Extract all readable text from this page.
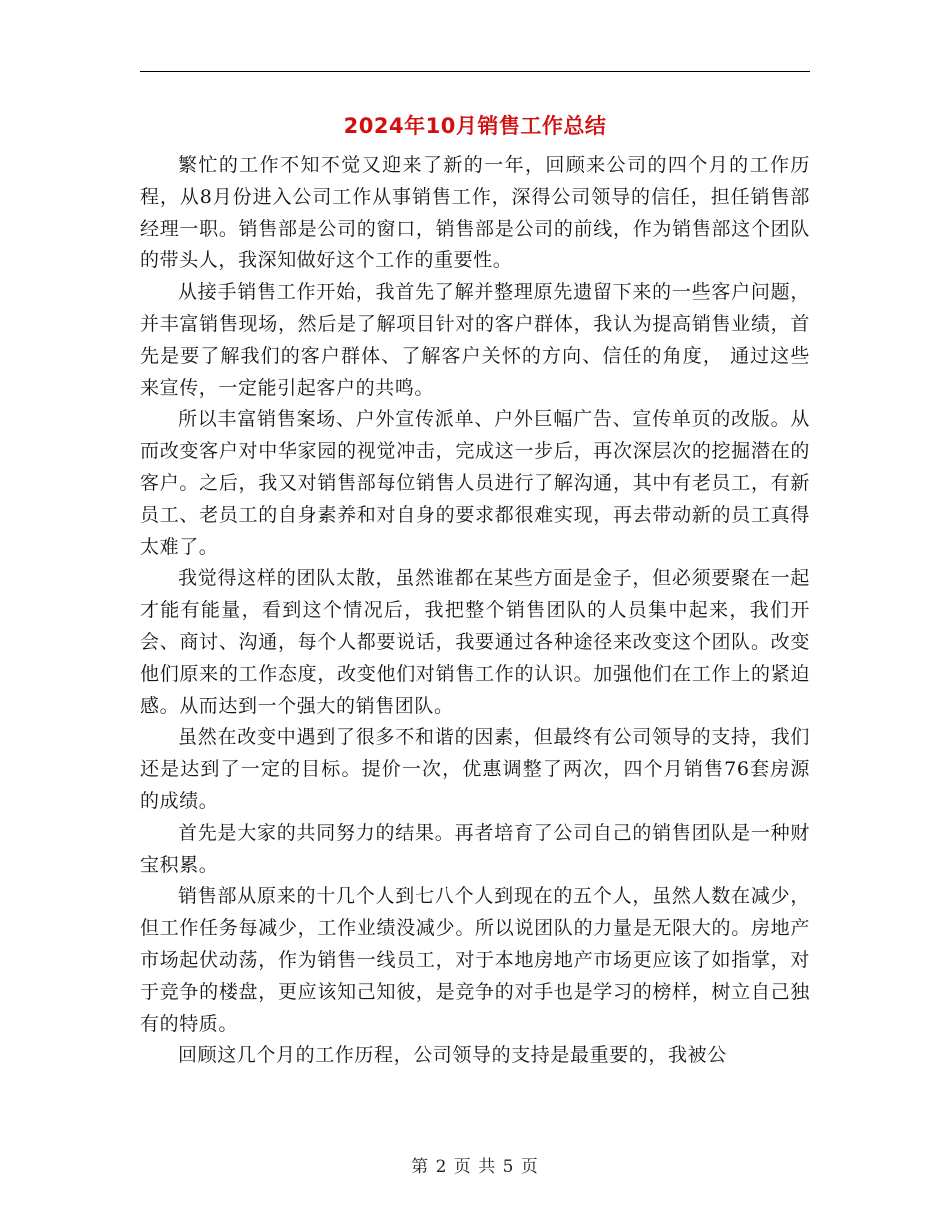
2024年10月销售工作总结

繁忙的工作不知不觉又迎来了新的一年，回顾来公司的四个月的工作历程，从8月份进入公司工作从事销售工作，深得公司领导的信任，担任销售部经理一职。销售部是公司的窗口，销售部是公司的前线，作为销售部这个团队的带头人，我深知做好这个工作的重要性。

从接手销售工作开始，我首先了解并整理原先遗留下来的一些客户问题，并丰富销售现场，然后是了解项目针对的客户群体，我认为提高销售业绩，首先是要了解我们的客户群体、了解客户关怀的方向、信任的角度， 通过这些来宣传，一定能引起客户的共鸣。

所以丰富销售案场、户外宣传派单、户外巨幅广告、宣传单页的改版。从而改变客户对中华家园的视觉冲击，完成这一步后，再次深层次的挖掘潜在的客户。之后，我又对销售部每位销售人员进行了解沟通，其中有老员工，有新员工、老员工的自身素养和对自身的要求都很难实现，再去带动新的员工真得太难了。

我觉得这样的团队太散，虽然谁都在某些方面是金子，但必须要聚在一起才能有能量，看到这个情况后，我把整个销售团队的人员集中起来，我们开会、商讨、沟通，每个人都要说话，我要通过各种途径来改变这个团队。改变他们原来的工作态度，改变他们对销售工作的认识。加强他们在工作上的紧迫感。从而达到一个强大的销售团队。

虽然在改变中遇到了很多不和谐的因素，但最终有公司领导的支持，我们还是达到了一定的目标。提价一次，优惠调整了两次，四个月销售76套房源的成绩。

首先是大家的共同努力的结果。再者培育了公司自己的销售团队是一种财宝积累。

销售部从原来的十几个人到七八个人到现在的五个人，虽然人数在减少，但工作任务每减少，工作业绩没减少。所以说团队的力量是无限大的。房地产市场起伏动荡，作为销售一线员工，对于本地房地产市场更应该了如指掌，对于竞争的楼盘，更应该知己知彼，是竞争的对手也是学习的榜样，树立自己独有的特质。

回顾这几个月的工作历程，公司领导的支持是最重要的，我被公

第 2 页 共 5 页
